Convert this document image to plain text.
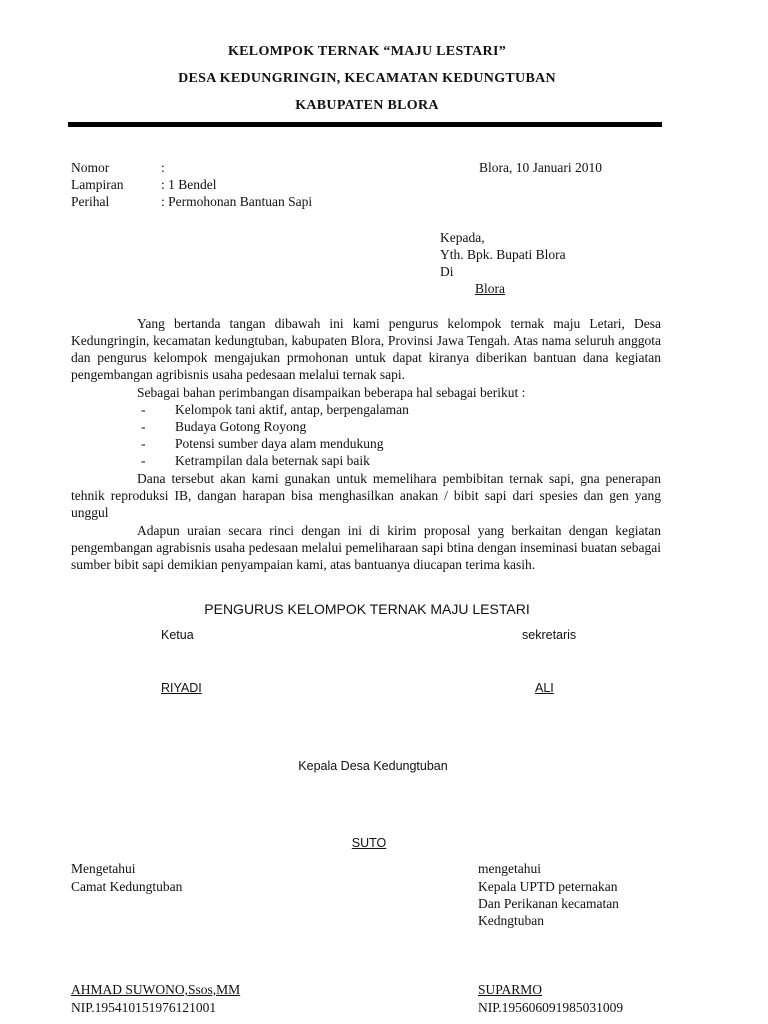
KELOMPOK TERNAK “MAJU LESTARI”
DESA KEDUNGRINGIN, KECAMATAN KEDUNGTUBAN
KABUPATEN BLORA
Nomor	:
Lampiran	: 1 Bendel
Perihal	: Permohonan Bantuan Sapi
Blora, 10 Januari 2010
Kepada,
Yth. Bpk. Bupati Blora
Di
Blora
Yang bertanda tangan dibawah ini kami pengurus kelompok ternak maju Letari, Desa Kedungringin, kecamatan kedungtuban, kabupaten Blora, Provinsi Jawa Tengah. Atas nama seluruh anggota dan pengurus kelompok mengajukan prmohonan untuk dapat kiranya diberikan bantuan dana kegiatan pengembangan agribisnis usaha pedesaan melalui ternak sapi.
Sebagai bahan perimbangan disampaikan beberapa hal sebagai berikut :
-	Kelompok tani aktif, antap, berpengalaman
-	Budaya Gotong Royong
-	Potensi sumber daya alam mendukung
-	Ketrampilan dala beternak sapi baik
Dana tersebut akan kami gunakan untuk memelihara pembibitan ternak sapi, gna penerapan tehnik reproduksi IB, dangan harapan bisa menghasilkan anakan / bibit sapi dari spesies dan gen yang unggul
Adapun uraian secara rinci dengan ini di kirim proposal yang berkaitan dengan kegiatan pengembangan agrabisnis usaha pedesaan melalui pemeliharaan sapi btina dengan inseminasi buatan sebagai sumber bibit sapi demikian penyampaian kami, atas bantuanya diucapan terima kasih.
PENGURUS KELOMPOK TERNAK MAJU LESTARI
Ketua	sekretaris
RIYADI	ALI
Kepala Desa Kedungtuban
SUTO
Mengetahui
Camat Kedungtuban
AHMAD SUWONO,Ssos,MM
NIP.195410151976121001
mengetahui
Kepala UPTD peternakan
Dan Perikanan kecamatan
Kedngtuban
SUPARMO
NIP.195606091985031009
